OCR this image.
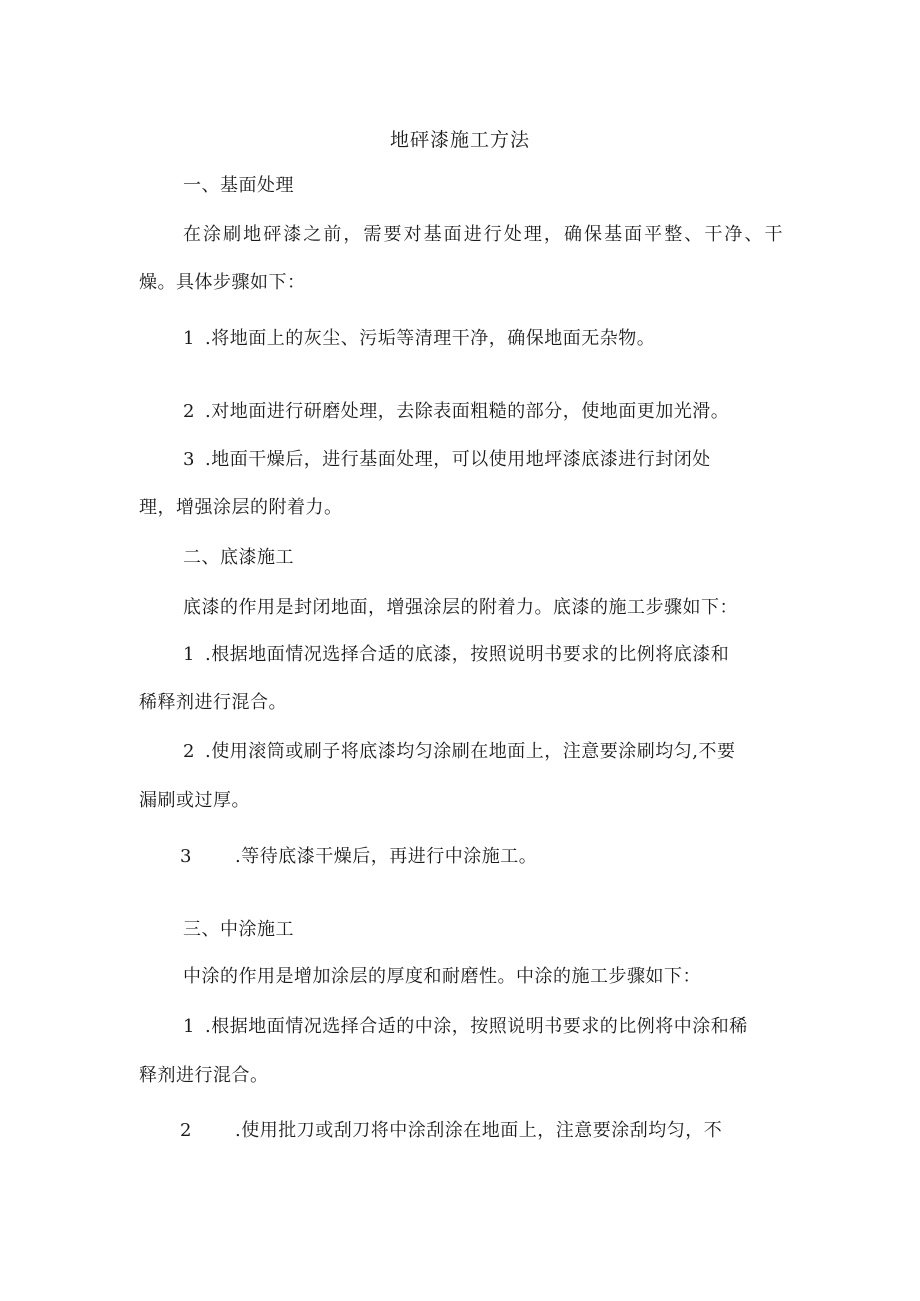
地砰漆施工方法
一、基面处理
在涂刷地砰漆之前，需要对基面进行处理，确保基面平整、干净、干
燥。具体步骤如下：
1 .将地面上的灰尘、污垢等清理干净，确保地面无杂物。
2 .对地面进行研磨处理，去除表面粗糙的部分，使地面更加光滑。
3 .地面干燥后，进行基面处理，可以使用地坪漆底漆进行封闭处
理，增强涂层的附着力。
二、底漆施工
底漆的作用是封闭地面，增强涂层的附着力。底漆的施工步骤如下：
1 .根据地面情况选择合适的底漆，按照说明书要求的比例将底漆和
稀释剂进行混合。
2 .使用滚筒或刷子将底漆均匀涂刷在地面上，注意要涂刷均匀,不要
漏刷或过厚。
3 .等待底漆干燥后，再进行中涂施工。
三、中涂施工
中涂的作用是增加涂层的厚度和耐磨性。中涂的施工步骤如下：
1 .根据地面情况选择合适的中涂，按照说明书要求的比例将中涂和稀
释剂进行混合。
2 .使用批刀或刮刀将中涂刮涂在地面上，注意要涂刮均匀，不
